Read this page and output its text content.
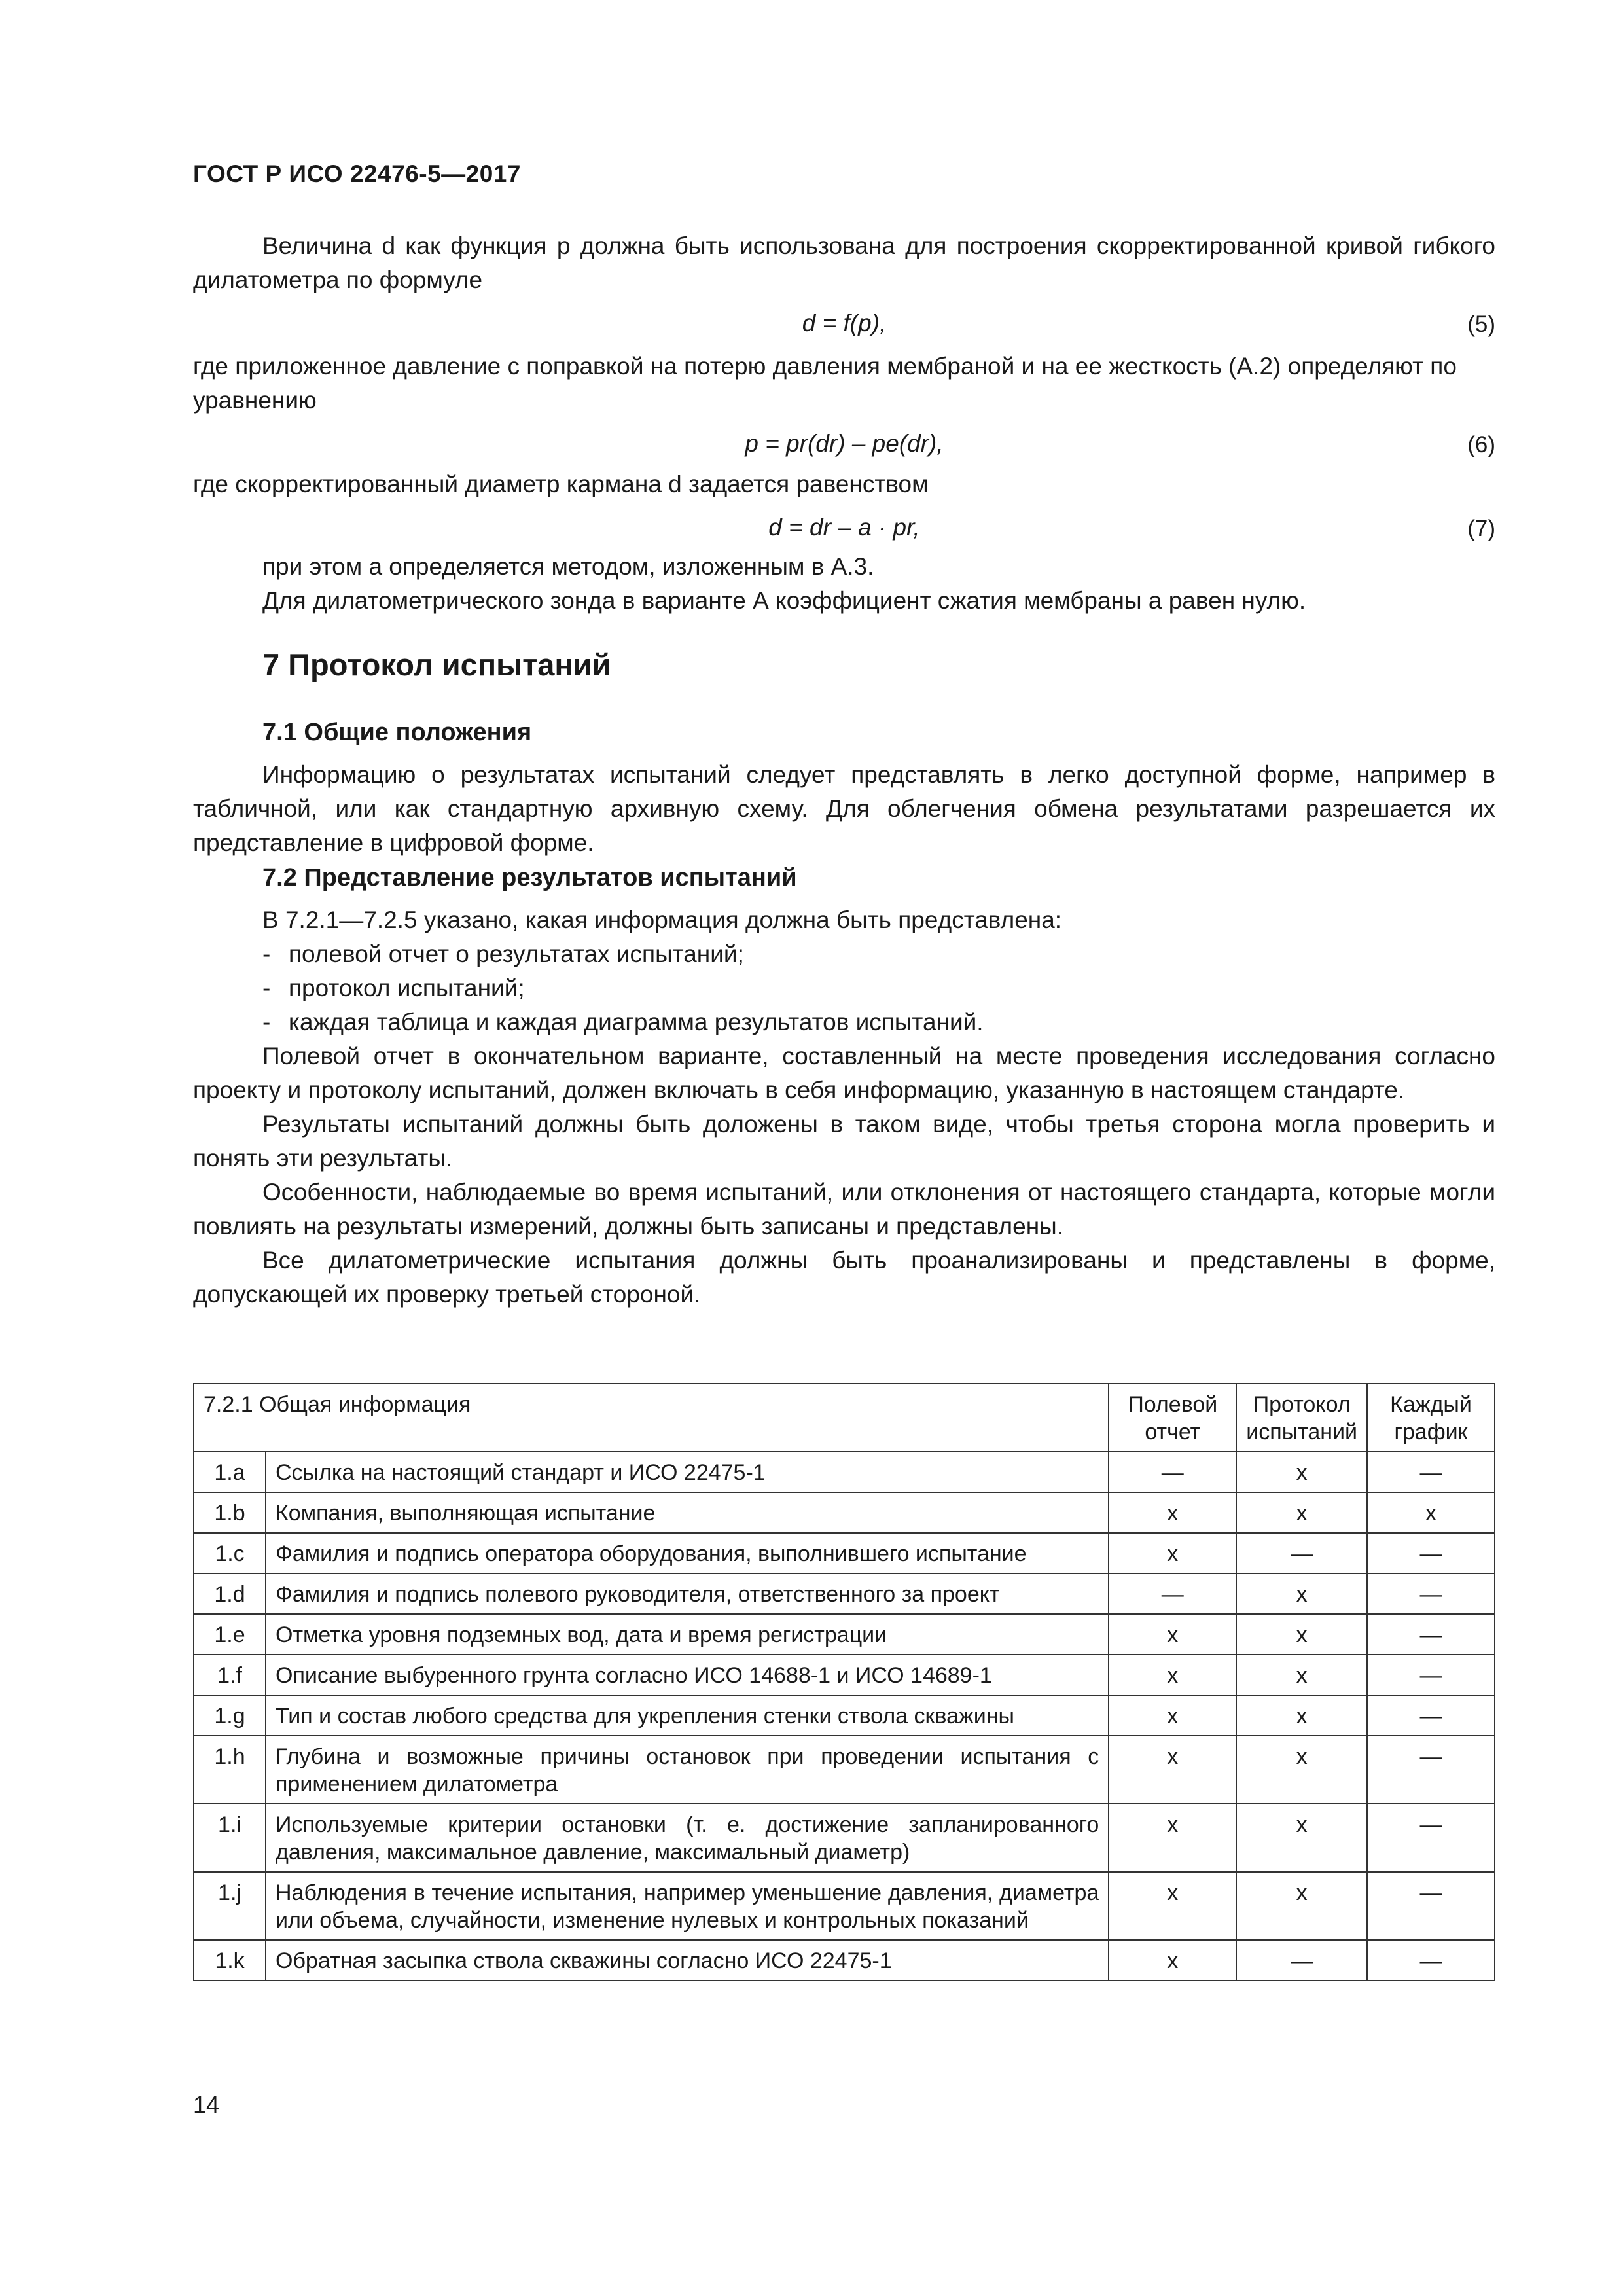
ГОСТ Р ИСО 22476-5—2017

Величина d как функция p должна быть использована для построения скорректированной кривой гибкого дилатометра по формуле

d = f(p),	(5)

где приложенное давление с поправкой на потерю давления мембраной и на ее жесткость (А.2) определяют по уравнению

p = pr(dr) – pe(dr),	(6)

где скорректированный диаметр кармана d задается равенством

d = dr – a · pr,	(7)

при этом a определяется методом, изложенным в А.3.

Для дилатометрического зонда в варианте А коэффициент сжатия мембраны a равен нулю.

7 Протокол испытаний
7.1 Общие положения

Информацию о результатах испытаний следует представлять в легко доступной форме, например в табличной, или как стандартную архивную схему. Для облегчения обмена результатами разрешается их представление в цифровой форме.

7.2 Представление результатов испытаний

В 7.2.1—7.2.5 указано, какая информация должна быть представлена:

- полевой отчет о результатах испытаний;
- протокол испытаний;
- каждая таблица и каждая диаграмма результатов испытаний.

Полевой отчет в окончательном варианте, составленный на месте проведения исследования согласно проекту и протоколу испытаний, должен включать в себя информацию, указанную в настоящем стандарте.

Результаты испытаний должны быть доложены в таком виде, чтобы третья сторона могла проверить и понять эти результаты.

Особенности, наблюдаемые во время испытаний, или отклонения от настоящего стандарта, которые могли повлиять на результаты измерений, должны быть записаны и представлены.

Все дилатометрические испытания должны быть проанализированы и представлены в форме, допускающей их проверку третьей стороной.

7.2.1 Общая информация		Полевой отчет	Протокол испытаний	Каждый график
1.a	Ссылка на настоящий стандарт и ИСО 22475-1	—	x	—
1.b	Компания, выполняющая испытание	x	x	x
1.c	Фамилия и подпись оператора оборудования, выполнившего испытание	x	—	—
1.d	Фамилия и подпись полевого руководителя, ответственного за проект	—	x	—
1.e	Отметка уровня подземных вод, дата и время регистрации	x	x	—
1.f	Описание выбуренного грунта согласно ИСО 14688-1 и ИСО 14689-1	x	x	—
1.g	Тип и состав любого средства для укрепления стенки ствола скважины	x	x	—
1.h	Глубина и возможные причины остановок при проведении испытания с применением дилатометра	x	x	—
1.i	Используемые критерии остановки (т. е. достижение запланированного давления, максимальное давление, максимальный диаметр)	x	x	—
1.j	Наблюдения в течение испытания, например уменьшение давления, диаметра или объема, случайности, изменение нулевых и контрольных показаний	x	x	—
1.k	Обратная засыпка ствола скважины согласно ИСО 22475-1	x	—	—
14
